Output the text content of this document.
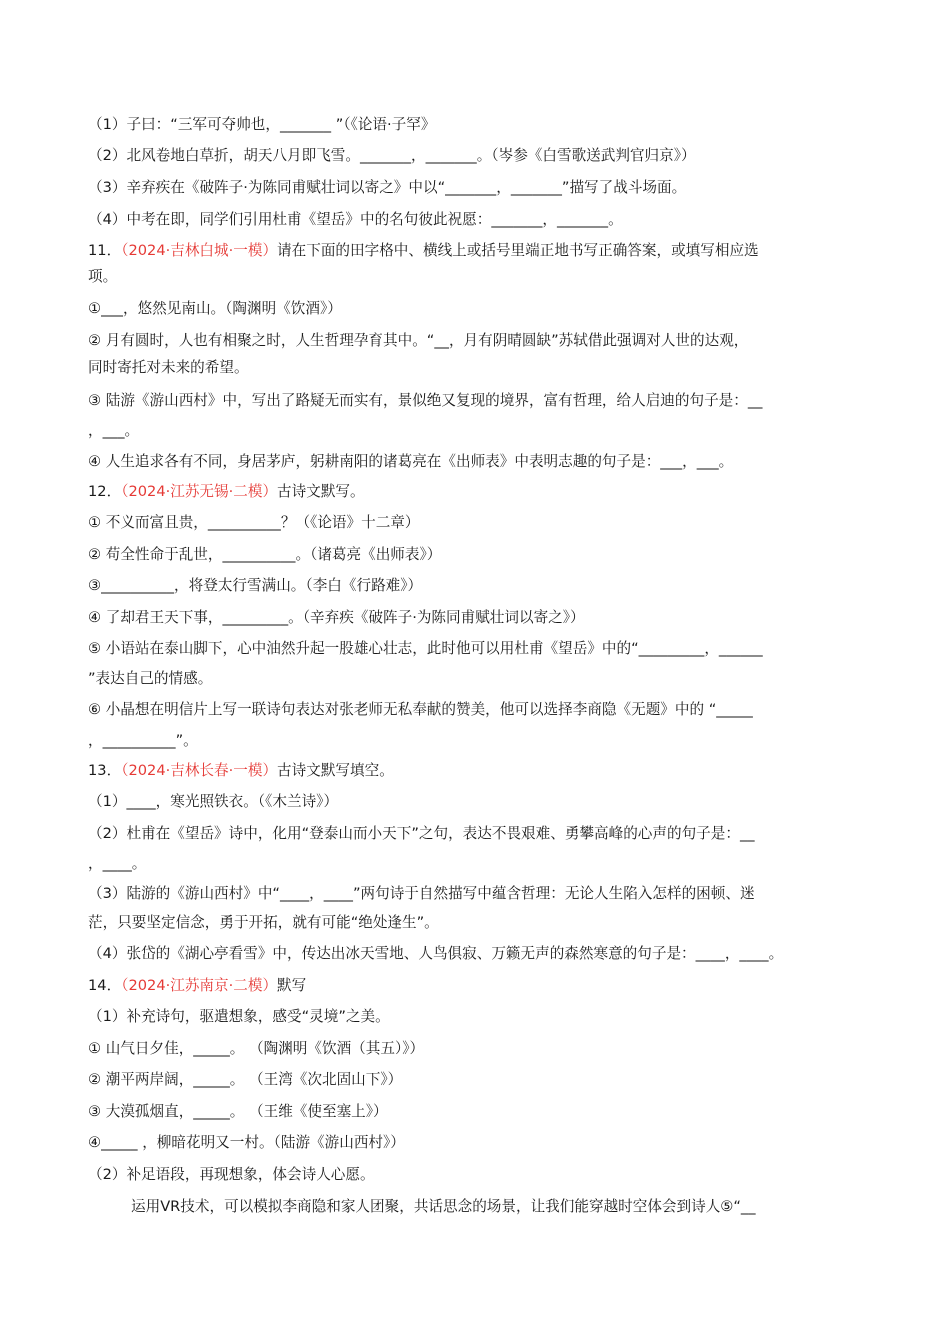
（1）子曰：“三军可夺帅也，_______ ”（《论语·子罕》
（2）北风卷地白草折，胡天八月即飞雪。_______，_______。（岑参《白雪歌送武判官归京》）
（3）辛弃疾在《破阵子·为陈同甫赋壮词以寄之》中以“_______，_______”描写了战斗场面。
（4）中考在即，同学们引用杜甫《望岳》中的名句彼此祝愿：_______，_______。
11．（2024·吉林白城·一模）请在下面的田字格中、横线上或括号里端正地书写正确答案，或填写相应选
项。
①___，悠然见南山。（陶渊明《饮酒》）
② 月有圆时，人也有相聚之时，人生哲理孕育其中。“__，月有阴晴圆缺”苏轼借此强调对人世的达观，
同时寄托对未来的希望。
③ 陆游《游山西村》中，写出了路疑无而实有，景似绝又复现的境界，富有哲理，给人启迪的句子是：__
，___。
④ 人生追求各有不同，身居茅庐，躬耕南阳的诸葛亮在《出师表》中表明志趣的句子是：___，___。
12．（2024·江苏无锡·二模）古诗文默写。
① 不义而富且贵，__________？（《论语》十二章）
② 苟全性命于乱世，__________。（诸葛亮《出师表》）
③__________，将登太行雪满山。（李白《行路难》）
④ 了却君王天下事，_________。（辛弃疾《破阵子·为陈同甫赋壮词以寄之》）
⑤ 小语站在泰山脚下，心中油然升起一股雄心壮志，此时他可以用杜甫《望岳》中的“_________，______
”表达自己的情感。
⑥ 小晶想在明信片上写一联诗句表达对张老师无私奉献的赞美，他可以选择李商隐《无题》中的 “_____
，__________”。
13．（2024·吉林长春·一模）古诗文默写填空。
（1）____，寒光照铁衣。（《木兰诗》）
（2）杜甫在《望岳》诗中，化用“登泰山而小天下”之句，表达不畏艰难、勇攀高峰的心声的句子是：__
，____。
（3）陆游的《游山西村》中“____，____”两句诗于自然描写中蕴含哲理：无论人生陷入怎样的困顿、迷
茫，只要坚定信念，勇于开拓，就有可能“绝处逢生”。
（4）张岱的《湖心亭看雪》中，传达出冰天雪地、人鸟俱寂、万籁无声的森然寒意的句子是：____，____。
14．（2024·江苏南京·二模）默写
（1）补充诗句，驱遣想象，感受“灵境”之美。
① 山气日夕佳，_____。 （陶渊明《饮酒（其五）》）
② 潮平两岸阔，_____。 （王湾《次北固山下》）
③ 大漠孤烟直，_____。 （王维《使至塞上》）
④_____ ，柳暗花明又一村。（陆游《游山西村》）
（2）补足语段，再现想象，体会诗人心愿。
运用VR技术，可以模拟李商隐和家人团聚，共话思念的场景，让我们能穿越时空体会到诗人⑤“__
